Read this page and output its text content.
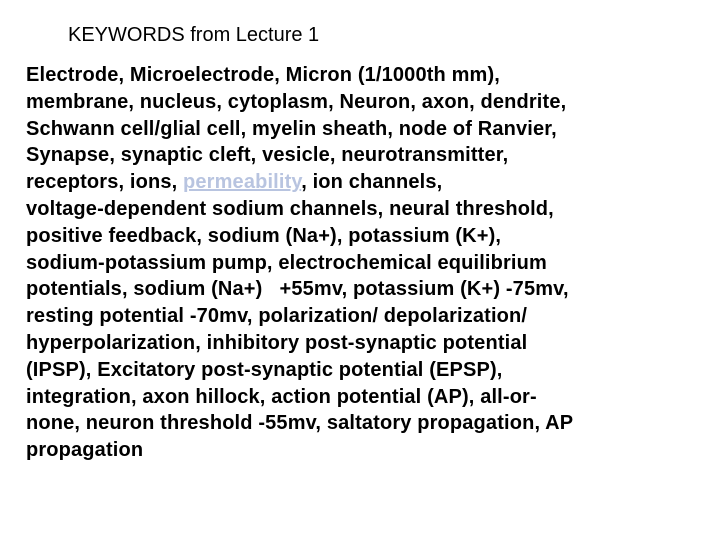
KEYWORDS from Lecture 1
Electrode, Microelectrode, Micron (1/1000th mm),
membrane, nucleus, cytoplasm, Neuron, axon, dendrite,
Schwann cell/glial cell, myelin sheath, node of Ranvier,
Synapse, synaptic cleft, vesicle, neurotransmitter,
receptors, ions, permeability, ion channels,
voltage-dependent sodium channels, neural threshold,
positive feedback, sodium (Na+), potassium (K+),
sodium-potassium pump, electrochemical equilibrium
potentials, sodium (Na+)   +55mv, potassium (K+) -75mv,
resting potential -70mv, polarization/ depolarization/
hyperpolarization, inhibitory post-synaptic potential
(IPSP), Excitatory post-synaptic potential (EPSP),
integration, axon hillock, action potential (AP), all-or-
none, neuron threshold -55mv, saltatory propagation, AP
propagation
